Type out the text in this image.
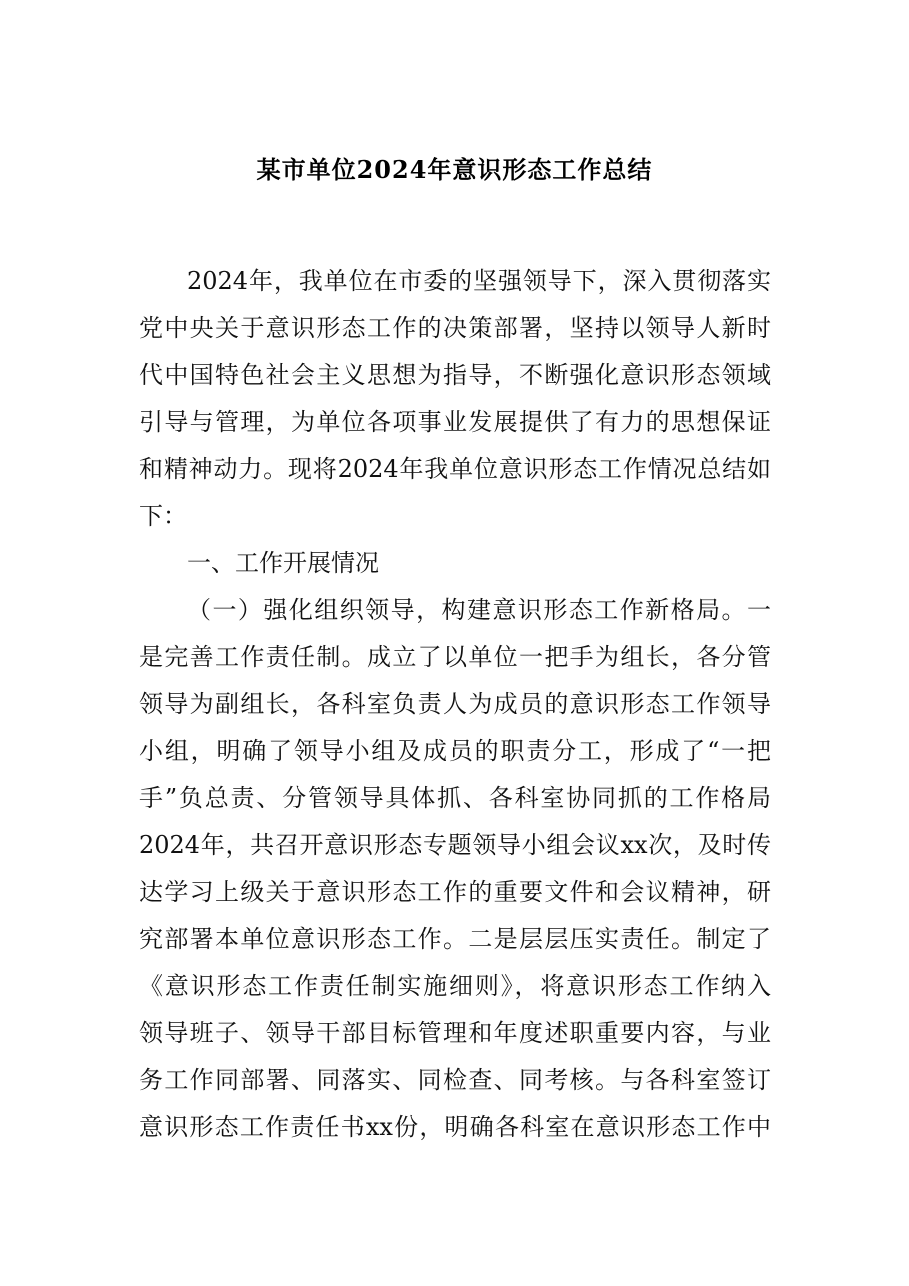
某市单位2024年意识形态工作总结
2024年，我单位在市委的坚强领导下，深入贯彻落实
党中央关于意识形态工作的决策部署，坚持以领导人新时
代中国特色社会主义思想为指导，不断强化意识形态领域
引导与管理，为单位各项事业发展提供了有力的思想保证
和精神动力。现将2024年我单位意识形态工作情况总结如
下：
一、工作开展情况
（一）强化组织领导，构建意识形态工作新格局。一
是完善工作责任制。成立了以单位一把手为组长，各分管
领导为副组长，各科室负责人为成员的意识形态工作领导
小组，明确了领导小组及成员的职责分工，形成了“一把
手”负总责、分管领导具体抓、各科室协同抓的工作格局
2024年，共召开意识形态专题领导小组会议xx次，及时传
达学习上级关于意识形态工作的重要文件和会议精神，研
究部署本单位意识形态工作。二是层层压实责任。制定了
《意识形态工作责任制实施细则》，将意识形态工作纳入
领导班子、领导干部目标管理和年度述职重要内容，与业
务工作同部署、同落实、同检查、同考核。与各科室签订
意识形态工作责任书xx份，明确各科室在意识形态工作中
